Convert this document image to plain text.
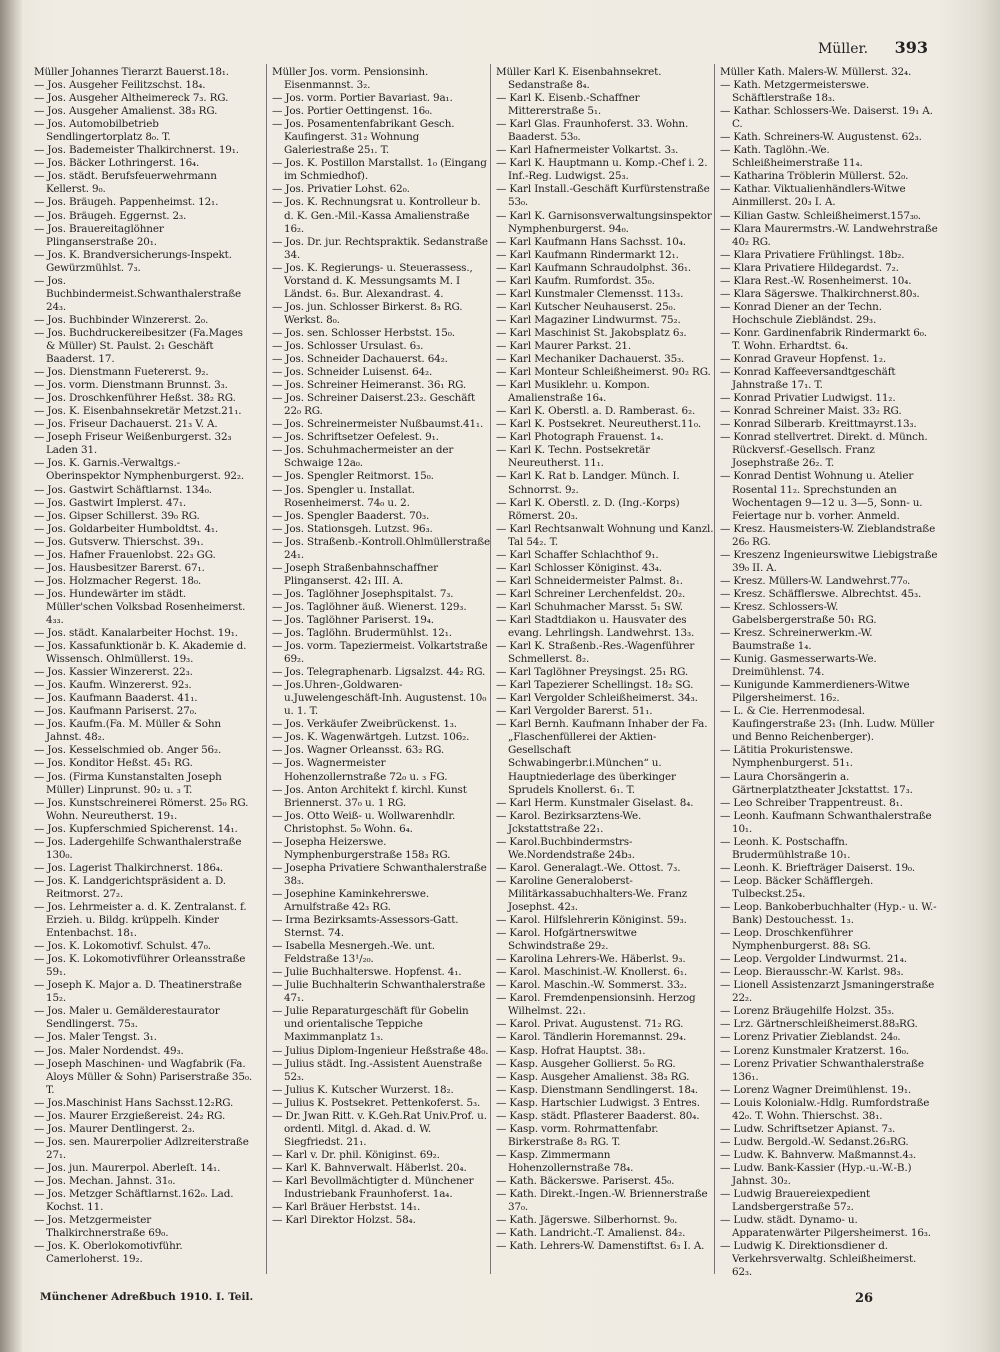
Müller. 393

Müller Johannes Tierarzt Bauerst.18₁.

— Jos. Ausgeher Feilitzschst. 18₄.

— Jos. Ausgeher Altheimereck 7₃. RG.

— Jos. Ausgeher Amalienst. 38₃ RG.

— Jos. Automobilbetrieb Sendlingertorplatz 8₀. T.

— Jos. Bademeister Thalkirchnerst. 19₁.

— Jos. Bäcker Lothringerst. 16₄.

— Jos. städt. Berufsfeuerwehrmann Kellerst. 9₀.

— Jos. Bräugeh. Pappenheimst. 12₁.

— Jos. Bräugeh. Eggernst. 2₃.

— Jos. Brauereitaglöhner Plinganserstraße 20₁.

— Jos. K. Brandversicherungs-Inspekt. Gewürzmühlst. 7₃.

— Jos. Buchbindermeist.Schwanthalerstraße 24₃.

— Jos. Buchbinder Winzererst. 2₀.

— Jos. Buchdruckereibesitzer (Fa.Mages & Müller) St. Paulst. 2₁ Geschäft Baaderst. 17.

— Jos. Dienstmann Fuetererst. 9₂.

— Jos. vorm. Dienstmann Brunnst. 3₃.

— Jos. Droschkenführer Heßst. 38₂ RG.

— Jos. K. Eisenbahnsekretär Metzst.21₁.

— Jos. Friseur Dachauerst. 21₃ V. A.

— Joseph Friseur Weißenburgerst. 32₃ Laden 31.

— Jos. K. Garnis.-Verwaltgs.-Oberinspektor Nymphenburgerst. 92₂.

— Jos. Gastwirt Schäftlarnst. 134₀.

— Jos. Gastwirt Implerst. 47₁.

— Jos. Gipser Schillerst. 39₀ RG.

— Jos. Goldarbeiter Humboldtst. 4₁.

— Jos. Gutsverw. Thierschst. 39₁.

— Jos. Hafner Frauenlobst. 22₃ GG.

— Jos. Hausbesitzer Barerst. 67₁.

— Jos. Holzmacher Regerst. 18₀.

— Jos. Hundewärter im städt. Müller'schen Volksbad Rosenheimerst. 4₃₃.

— Jos. städt. Kanalarbeiter Hochst. 19₁.

— Jos. Kassafunktionär b. K. Akademie d. Wissensch. Ohlmüllerst. 19₃.

— Jos. Kassier Winzererst. 22₃.

— Jos. Kaufm. Winzererst. 92₃.

— Jos. Kaufmann Baaderst. 41₁.

— Jos. Kaufmann Pariserst. 27₀.

— Jos. Kaufm.(Fa. M. Müller & Sohn Jahnst. 48₂.

— Jos. Kesselschmied ob. Anger 56₂.

— Jos. Konditor Heßst. 45₁ RG.

— Jos. (Firma Kunstanstalten Joseph Müller) Linprunst. 90₂ u. ₃ T.

— Jos. Kunstschreinerei Römerst. 25₀ RG. Wohn. Neureutherst. 19₁.

— Jos. Kupferschmied Spicherenst. 14₁.

— Jos. Ladergehilfe Schwanthalerstraße 130₀.

— Jos. Lagerist Thalkirchnerst. 186₄.

— Jos. K. Landgerichtspräsident a. D. Reitmorst. 27₂.

— Jos. Lehrmeister a. d. K. Zentralanst. f. Erzieh. u. Bildg. krüppelh. Kinder Entenbachst. 18₁.

— Jos. K. Lokomotivf. Schulst. 47₀.

— Jos. K. Lokomotivführer Orleansstraße 59₁.

— Joseph K. Major a. D. Theatinerstraße 15₂.

— Jos. Maler u. Gemälderestaurator Sendlingerst. 75₃.

— Jos. Maler Tengst. 3₁.

— Jos. Maler Nordendst. 49₃.

— Joseph Maschinen- und Wagfabrik (Fa. Aloys Müller & Sohn) Pariserstraße 35₀. T.

— Jos.Maschinist Hans Sachsst.12₂RG.

— Jos. Maurer Erzgießereist. 24₂ RG.

— Jos. Maurer Dentlingerst. 2₃.

— Jos. sen. Maurerpolier Adlzreiterstraße 27₁.

— Jos. jun. Maurerpol. Aberleſt. 14₁.

— Jos. Mechan. Jahnst. 31₀.

— Jos. Metzger Schäftlarnst.162₀. Lad. Kochst. 11.

— Jos. Metzgermeister Thalkirchnerstraße 69₀.

— Jos. K. Oberlokomotivführ. Camerloherst. 19₂.

Müller Jos. vorm. Pensionsinh. Eisenmannst. 3₂.

— Jos. vorm. Portier Bavariast. 9a₁.

— Jos. Portier Oettingenst. 16₀.

— Jos. Posamentenfabrikant Gesch. Kaufingerst. 31₂ Wohnung Galeriestraße 25₁. T.

— Jos. K. Postillon Marstallst. 1₀ (Eingang im Schmiedhof).

— Jos. Privatier Lohst. 62₀.

— Jos. K. Rechnungsrat u. Kontrolleur b. d. K. Gen.-Mil.-Kassa Amalienstraße 16₂.

— Jos. Dr. jur. Rechtspraktik. Sedanstraße 34.

— Jos. K. Regierungs- u. Steuerassess., Vorstand d. K. Messungsamts M. I Ländst. 6₃. Bur. Alexandrast. 4.

— Jos. jun. Schlosser Birkerst. 8₃ RG. Werkst. 8₀.

— Jos. sen. Schlosser Herbstst. 15₀.

— Jos. Schlosser Ursulast. 6₃.

— Jos. Schneider Dachauerst. 64₂.

— Jos. Schneider Luisenst. 64₂.

— Jos. Schreiner Heimeranst. 36₁ RG.

— Jos. Schreiner Daiserst.23₂. Geschäft 22₀ RG.

— Jos. Schreinermeister Nußbaumst.41₁.

— Jos. Schriftsetzer Oefelest. 9₁.

— Jos. Schuhmachermeister an der Schwaige 12a₀.

— Jos. Spengler Reitmorst. 15₀.

— Jos. Spengler u. Installat. Rosenheimerst. 74₀ u. 2.

— Jos. Spengler Baaderst. 70₃.

— Jos. Stationsgeh. Lutzst. 96₃.

— Jos. Straßenb.-Kontroll.Ohlmüllerstraße 24₁.

— Joseph Straßenbahnschaffner Plinganserst. 42₁ III. A.

— Jos. Taglöhner Josephspitalst. 7₃.

— Jos. Taglöhner äuß. Wienerst. 129₃.

— Jos. Taglöhner Pariserst. 19₄.

— Jos. Taglöhn. Brudermühlst. 12₁.

— Jos. vorm. Tapeziermeist. Volkartstraße 69₂.

— Jos. Telegraphenarb. Ligsalzst. 44₂ RG.

— Jos.Uhren-,Goldwaren- u.Juwelengeschäft-Inh. Augustenst. 10₀ u. 1. T.

— Jos. Verkäufer Zweibrückenst. 1₃.

— Jos. K. Wagenwärtgeh. Lutzst. 106₂.

— Jos. Wagner Orleansst. 63₂ RG.

— Jos. Wagnermeister Hohenzollernstraße 72₀ u. ₃ FG.

— Jos. Anton Architekt f. kirchl. Kunst Briennerst. 37₀ u. 1 RG.

— Jos. Otto Weiß- u. Wollwarenhdlr. Christophst. 5₀ Wohn. 6₄.

— Josepha Heizerswe. Nymphenburgerstraße 158₃ RG.

— Josepha Privatiere Schwanthalerstraße 38₃.

— Josephine Kaminkehrerswe. Arnulfstraße 42₃ RG.

— Irma Bezirksamts-Assessors-Gatt. Sternst. 74.

— Isabella Mesnergeh.-We. unt. Feldstraße 13¹/₂₀.

— Julie Buchhalterswe. Hopfenst. 4₁.

— Julie Buchhalterin Schwanthalerstraße 47₁.

— Julie Reparaturgeschäft für Gobelin und orientalische Teppiche Maximmanplatz 1₃.

— Julius Diplom-Ingenieur Heßstraße 48₀.

— Julius städt. Ing.-Assistent Auenstraße 52₃.

— Julius K. Kutscher Wurzerst. 18₂.

— Julius K. Postsekret. Pettenkoferst. 5₃.

— Dr. Jwan Ritt. v. K.Geh.Rat Univ.Prof. u. ordentl. Mitgl. d. Akad. d. W. Siegfriedst. 21₁.

— Karl v. Dr. phil. Königinst. 69₂.

— Karl K. Bahnverwalt. Häberlst. 20₄.

— Karl Bevollmächtigter d. Münchener Industriebank Fraunhoferst. 1a₄.

— Karl Bräuer Herbstst. 14₁.

— Karl Direktor Holzst. 58₄.

Müller Karl K. Eisenbahnsekret. Sedanstraße 8₄.

— Karl K. Eisenb.-Schaffner Mittererstraße 5₁.

— Karl Glas. Fraunhoferst. 33. Wohn. Baaderst. 53₀.

— Karl Hafnermeister Volkartst. 3₃.

— Karl K. Hauptmann u. Komp.-Chef i. 2. Inf.-Reg. Ludwigst. 25₃.

— Karl Install.-Geschäft Kurfürstenstraße 53₀.

— Karl K. Garnisonsverwaltungsinspektor Nymphenburgerst. 94₀.

— Karl Kaufmann Hans Sachsst. 10₄.

— Karl Kaufmann Rindermarkt 12₁.

— Karl Kaufmann Schraudolphst. 36₁.

— Karl Kaufm. Rumfordst. 35₀.

— Karl Kunstmaler Clemensst. 113₃.

— Karl Kutscher Neuhauserst. 25₀.

— Karl Magaziner Lindwurmst. 75₂.

— Karl Maschinist St. Jakobsplatz 6₃.

— Karl Maurer Parkst. 21.

— Karl Mechaniker Dachauerst. 35₃.

— Karl Monteur Schleißheimerst. 90₂ RG.

— Karl Musiklehr. u. Kompon. Amalienstraße 16₄.

— Karl K. Oberstl. a. D. Ramberast. 6₂.

— Karl K. Postsekret. Neureutherst.11₀.

— Karl Photograph Frauenst. 1₄.

— Karl K. Techn. Postsekretär Neureutherst. 11₁.

— Karl K. Rat b. Landger. Münch. I. Schnorrst. 9₂.

— Karl K. Oberstl. z. D. (Ing.-Korps) Römerst. 20₃.

— Karl Rechtsanwalt Wohnung und Kanzl. Tal 54₂. T.

— Karl Schaffer Schlachthof 9₁.

— Karl Schlosser Königinst. 43₄.

— Karl Schneidermeister Palmst. 8₁.

— Karl Schreiner Lerchenfeldst. 20₂.

— Karl Schuhmacher Marsst. 5₁ SW.

— Karl Stadtdiakon u. Hausvater des evang. Lehrlingsh. Landwehrst. 13₃.

— Karl K. Straßenb.-Res.-Wagenführer Schmellerst. 8₂.

— Karl Taglöhner Preysingst. 25₁ RG.

— Karl Tapezierer Schellingst. 18₂ SG.

— Karl Vergolder Schleißheimerst. 34₃.

— Karl Vergolder Barerst. 51₁.

— Karl Bernh. Kaufmann Inhaber der Fa. „Flaschenfüllerei der Aktien-Gesellschaft Schwabingerbr.i.München“ u. Hauptniederlage des überkinger Sprudels Knollerst. 6₁. T.

— Karl Herm. Kunstmaler Giselast. 8₄.

— Karol. Bezirksarztens-We. Jckstattstraße 22₁.

— Karol.Buchbindermstrs-We.Nordendstraße 24b₃.

— Karol. Generalagt.-We. Ottost. 7₃.

— Karoline Generaloberst-Militärkassabuchhalters-We. Franz Josephst. 42₃.

— Karol. Hilfslehrerin Königinst. 59₃.

— Karol. Hofgärtnerswitwe Schwindstraße 29₂.

— Karolina Lehrers-We. Häberlst. 9₃.

— Karol. Maschinist.-W. Knollerst. 6₁.

— Karol. Maschin.-W. Sommerst. 33₂.

— Karol. Fremdenpensionsinh. Herzog Wilhelmst. 22₁.

— Karol. Privat. Augustenst. 71₂ RG.

— Karol. Tändlerin Horemannst. 29₄.

— Kasp. Hofrat Hauptst. 38₁.

— Kasp. Ausgeher Gollierst. 5₀ RG.

— Kasp. Ausgeher Amalienst. 38₃ RG.

— Kasp. Dienstmann Sendlingerst. 18₄.

— Kasp. Hartschier Ludwigst. 3 Entres.

— Kasp. städt. Pflasterer Baaderst. 80₄.

— Kasp. vorm. Rohrmattenfabr. Birkerstraße 8₃ RG. T.

— Kasp. Zimmermann Hohenzollernstraße 78₄.

— Kath. Bäckerswe. Pariserst. 45₀.

— Kath. Direkt.-Ingen.-W. Briennerstraße 37₀.

— Kath. Jägerswe. Silberhornst. 9₀.

— Kath. Landricht.-T. Amalienst. 84₂.

— Kath. Lehrers-W. Damenstiftst. 6₃ I. A.

Müller Kath. Malers-W. Müllerst. 32₄.

— Kath. Metzgermeisterswe. Schäftlerstraße 18₃.

— Kathar. Schlossers-We. Daiserst. 19₁ A. C.

— Kath. Schreiners-W. Augustenst. 62₃.

— Kath. Taglöhn.-We. Schleißheimerstraße 11₄.

— Katharina Tröblerin Müllerst. 52₀.

— Kathar. Viktualienhändlers-Witwe Ainmillerst. 20₃ I. A.

— Kilian Gastw. Schleißheimerst.157₃₀.

— Klara Maurermstrs.-W. Landwehrstraße 40₂ RG.

— Klara Privatiere Frühlingst. 18b₂.

— Klara Privatiere Hildegardst. 7₂.

— Klara Rest.-W. Rosenheimerst. 10₄.

— Klara Sägerswe. Thalkirchnerst.80₃.

— Konrad Diener an der Techn. Hochschule Ziebländst. 29₃.

— Konr. Gardinenfabrik Rindermarkt 6₀. T. Wohn. Erhardtst. 6₄.

— Konrad Graveur Hopfenst. 1₂.

— Konrad Kaffeeversandtgeschäft Jahnstraße 17₁. T.

— Konrad Privatier Ludwigst. 11₂.

— Konrad Schreiner Maist. 33₂ RG.

— Konrad Silberarb. Kreittmayrst.13₃.

— Konrad stellvertret. Direkt. d. Münch. Rückversf.-Gesellsch. Franz Josephstraße 26₂. T.

— Konrad Dentist Wohnung u. Atelier Rosental 11₂. Sprechstunden an Wochentagen 9—12 u. 3—5, Sonn- u. Feiertage nur b. vorher. Anmeld.

— Kresz. Hausmeisters-W. Zieblandstraße 26₀ RG.

— Kreszenz Ingenieurswitwe Liebigstraße 39₀ II. A.

— Kresz. Müllers-W. Landwehrst.77₀.

— Kresz. Schäfflerswe. Albrechtst. 45₃.

— Kresz. Schlossers-W. Gabelsbergerstraße 50₁ RG.

— Kresz. Schreinerwerkm.-W. Baumstraße 1₄.

— Kunig. Gasmesserwarts-We. Dreimühlenst. 74.

— Kunigunde Kammerdieners-Witwe Pilgersheimerst. 16₂.

— L. & Cie. Herrenmodesal. Kaufingerstraße 23₁ (Inh. Ludw. Müller und Benno Reichenberger).

— Lätitia Prokuristenswe. Nymphenburgerst. 51₁.

— Laura Chorsängerin a. Gärtnerplatztheater Jckstattst. 17₃.

— Leo Schreiber Trappentreust. 8₁.

— Leonh. Kaufmann Schwanthalerstraße 10₁.

— Leonh. K. Postschaffn. Brudermühlstraße 10₁.

— Leonh. K. Briefträger Daiserst. 19₀.

— Leop. Bäcker Schäfflergeh. Tulbeckst.25₄.

— Leop. Bankoberbuchhalter (Hyp.- u. W.-Bank) Destouchesst. 1₃.

— Leop. Droschkenführer Nymphenburgerst. 88₁ SG.

— Leop. Vergolder Lindwurmst. 21₄.

— Leop. Bierausschr.-W. Karlst. 98₃.

— Lionell Assistenzarzt Jsmaningerstraße 22₂.

— Lorenz Bräugehilfe Holzst. 35₃.

— Lrz. Gärtnerschleißheimerst.88₃RG.

— Lorenz Privatier Zieblandst. 24₀.

— Lorenz Kunstmaler Kratzerst. 16₀.

— Lorenz Privatier Schwanthalerstraße 136₁.

— Lorenz Wagner Dreimühlenst. 19₁.

— Louis Kolonialw.-Hdlg. Rumfordstraße 42₀. T. Wohn. Thierschst. 38₁.

— Ludw. Schriftsetzer Apianst. 7₃.

— Ludw. Bergold.-W. Sedanst.26₃RG.

— Ludw. K. Bahnverw. Maßmannst.4₃.

— Ludw. Bank-Kassier (Hyp.-u.-W.-B.) Jahnst. 30₂.

— Ludwig Brauereiexpedient Landsbergerstraße 57₂.

— Ludw. städt. Dynamo- u. Apparatenwärter Pilgersheimerst. 16₃.

— Ludwig K. Direktionsdiener d. Verkehrsverwaltg. Schleißheimerst. 62₃.

Münchener Adreßbuch 1910. I. Teil.	26
